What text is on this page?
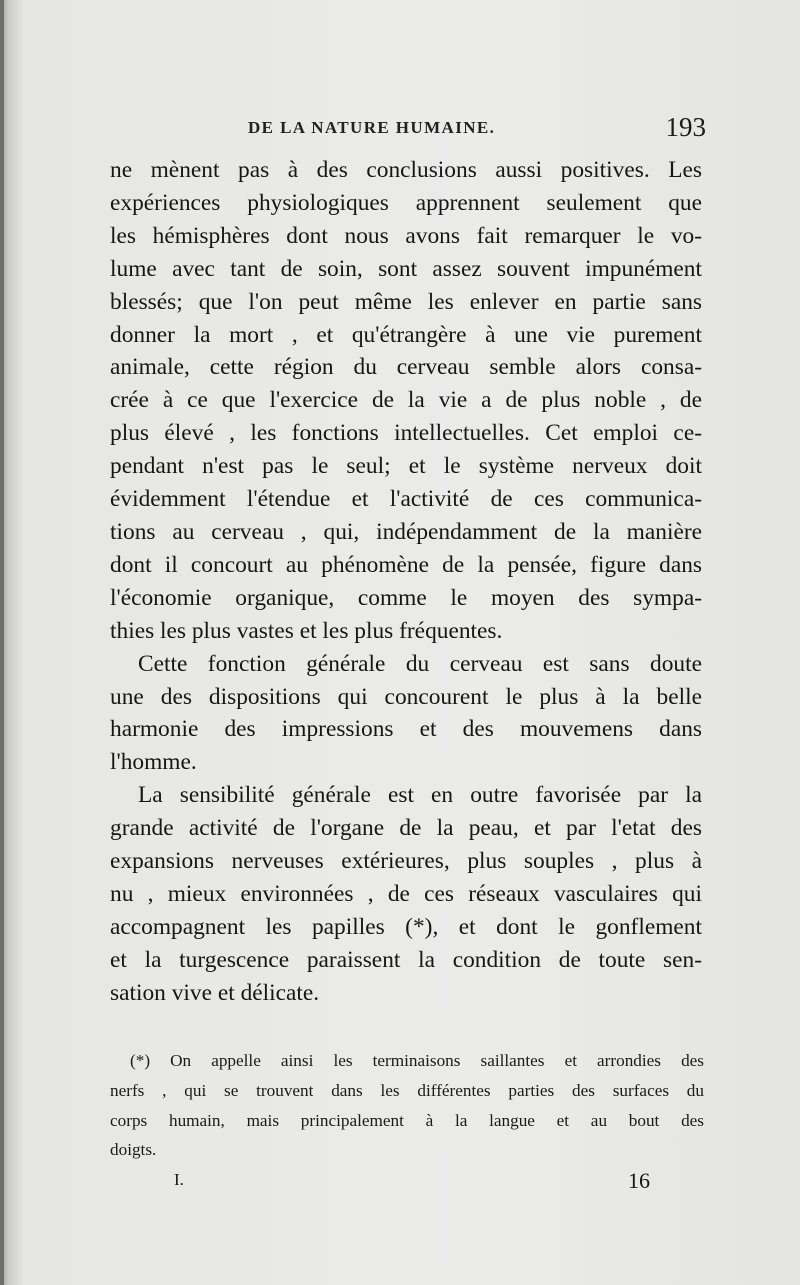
DE LA NATURE HUMAINE.	193
ne mènent pas à des conclusions aussi positives. Les
expériences physiologiques apprennent seulement que
les hémisphères dont nous avons fait remarquer le vo-
lume avec tant de soin, sont assez souvent impunément
blessés; que l'on peut même les enlever en partie sans
donner la mort , et qu'étrangère à une vie purement
animale, cette région du cerveau semble alors consa-
crée à ce que l'exercice de la vie a de plus noble , de
plus élevé , les fonctions intellectuelles. Cet emploi ce-
pendant n'est pas le seul; et le système nerveux doit
évidemment l'étendue et l'activité de ces communica-
tions au cerveau , qui, indépendamment de la manière
dont il concourt au phénomène de la pensée, figure dans
l'économie organique, comme le moyen des sympa-
thies les plus vastes et les plus fréquentes.
Cette fonction générale du cerveau est sans doute
une des dispositions qui concourent le plus à la belle
harmonie des impressions et des mouvemens dans
l'homme.
La sensibilité générale est en outre favorisée par la
grande activité de l'organe de la peau, et par l'etat des
expansions nerveuses extérieures, plus souples , plus à
nu , mieux environnées , de ces réseaux vasculaires qui
accompagnent les papilles (*), et dont le gonflement
et la turgescence paraissent la condition de toute sen-
sation vive et délicate.
(*) On appelle ainsi les terminaisons saillantes et arrondies des
nerfs , qui se trouvent dans les différentes parties des surfaces du
corps humain, mais principalement à la langue et au bout des
doigts.
I.	16
